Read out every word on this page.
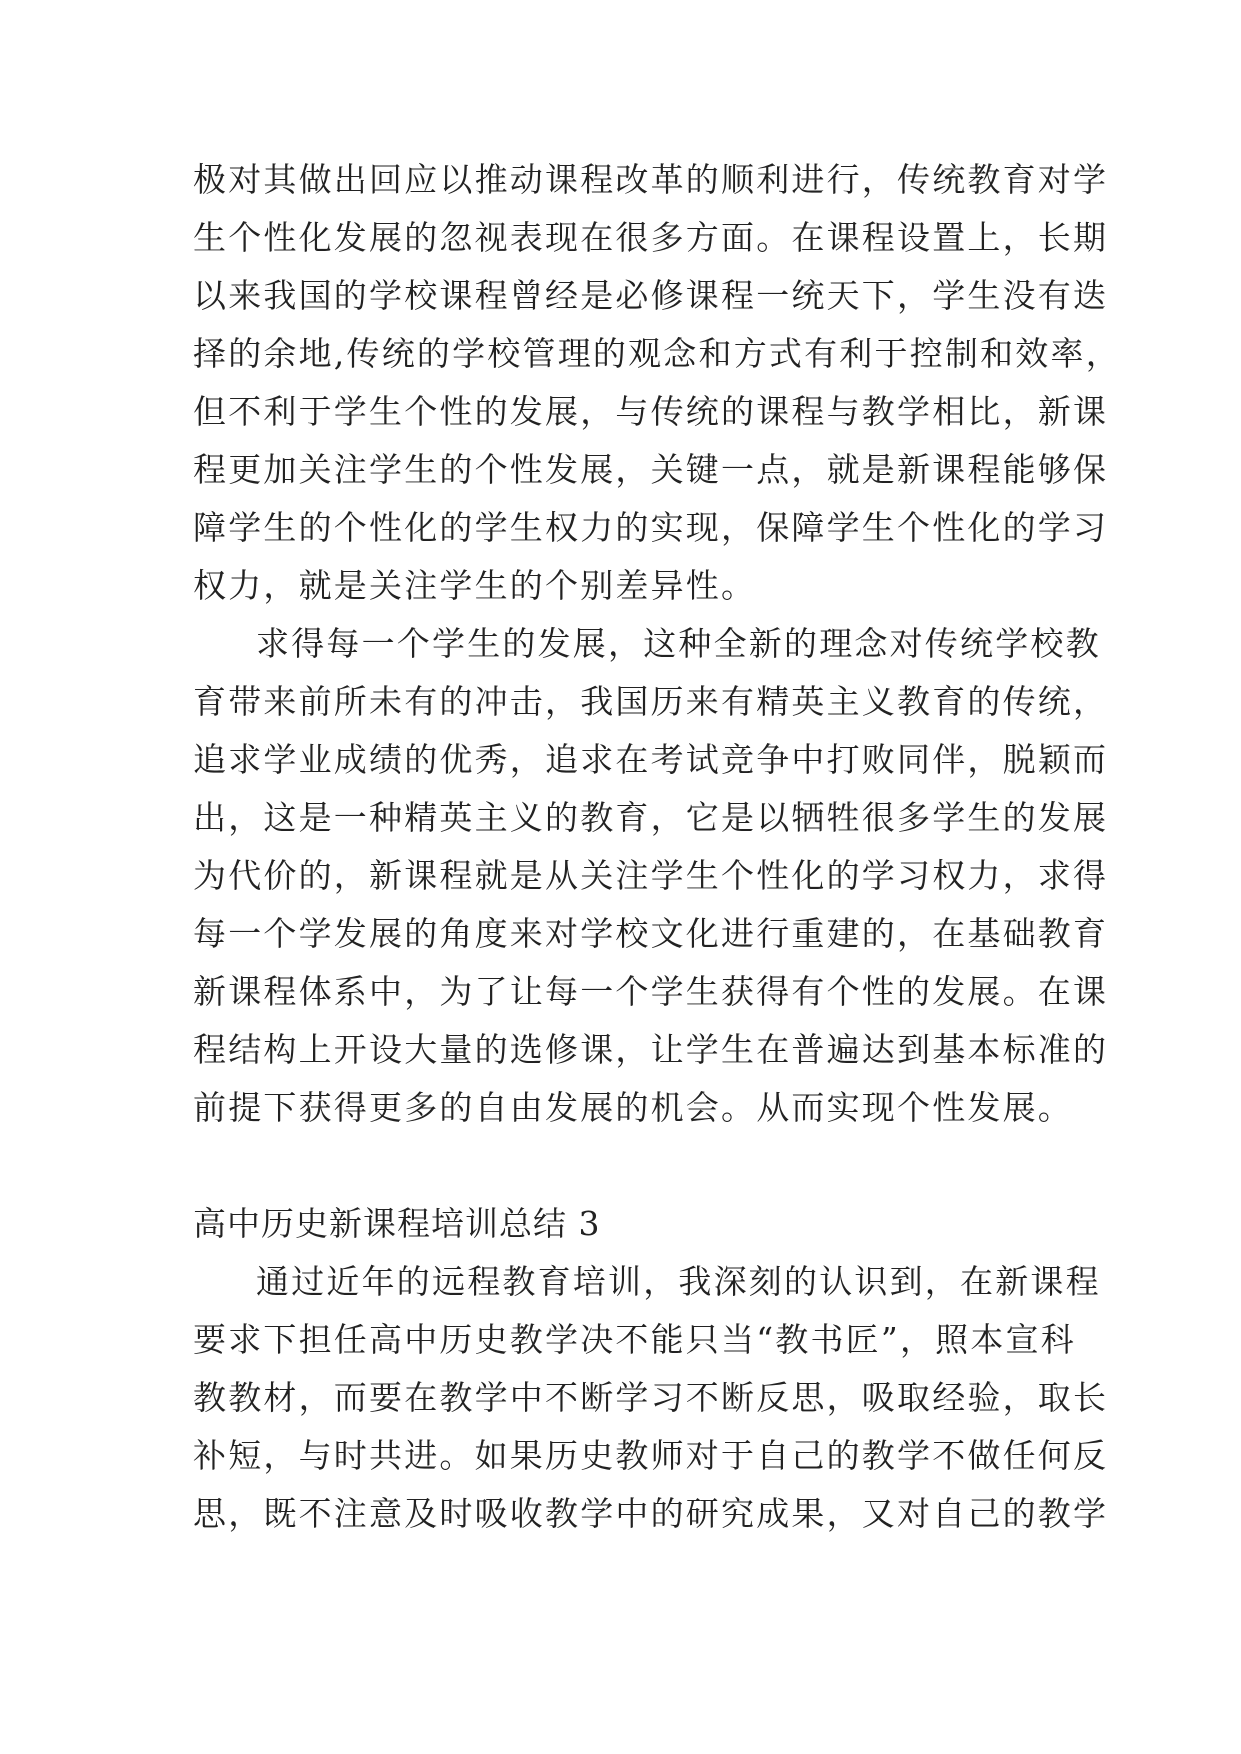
极对其做出回应以推动课程改革的顺利进行，传统教育对学

生个性化发展的忽视表现在很多方面。在课程设置上，长期

以来我国的学校课程曾经是必修课程一统天下，学生没有迭

择的余地,传统的学校管理的观念和方式有利于控制和效率，

但不利于学生个性的发展，与传统的课程与教学相比，新课

程更加关注学生的个性发展，关键一点，就是新课程能够保

障学生的个性化的学生权力的实现，保障学生个性化的学习

权力，就是关注学生的个别差异性。

求得每一个学生的发展，这种全新的理念对传统学校教

育带来前所未有的冲击，我国历来有精英主义教育的传统，

追求学业成绩的优秀，追求在考试竞争中打败同伴，脱颖而

出，这是一种精英主义的教育，它是以牺牲很多学生的发展

为代价的，新课程就是从关注学生个性化的学习权力，求得

每一个学发展的角度来对学校文化进行重建的，在基础教育

新课程体系中，为了让每一个学生获得有个性的发展。在课

程结构上开设大量的选修课，让学生在普遍达到基本标准的

前提下获得更多的自由发展的机会。从而实现个性发展。

高中历史新课程培训总结 3

通过近年的远程教育培训，我深刻的认识到，在新课程

要求下担任高中历史教学决不能只当“教书匠”，照本宣科

教教材，而要在教学中不断学习不断反思，吸取经验，取长

补短，与时共进。如果历史教师对于自己的教学不做任何反

思，既不注意及时吸收教学中的研究成果，又对自己的教学
